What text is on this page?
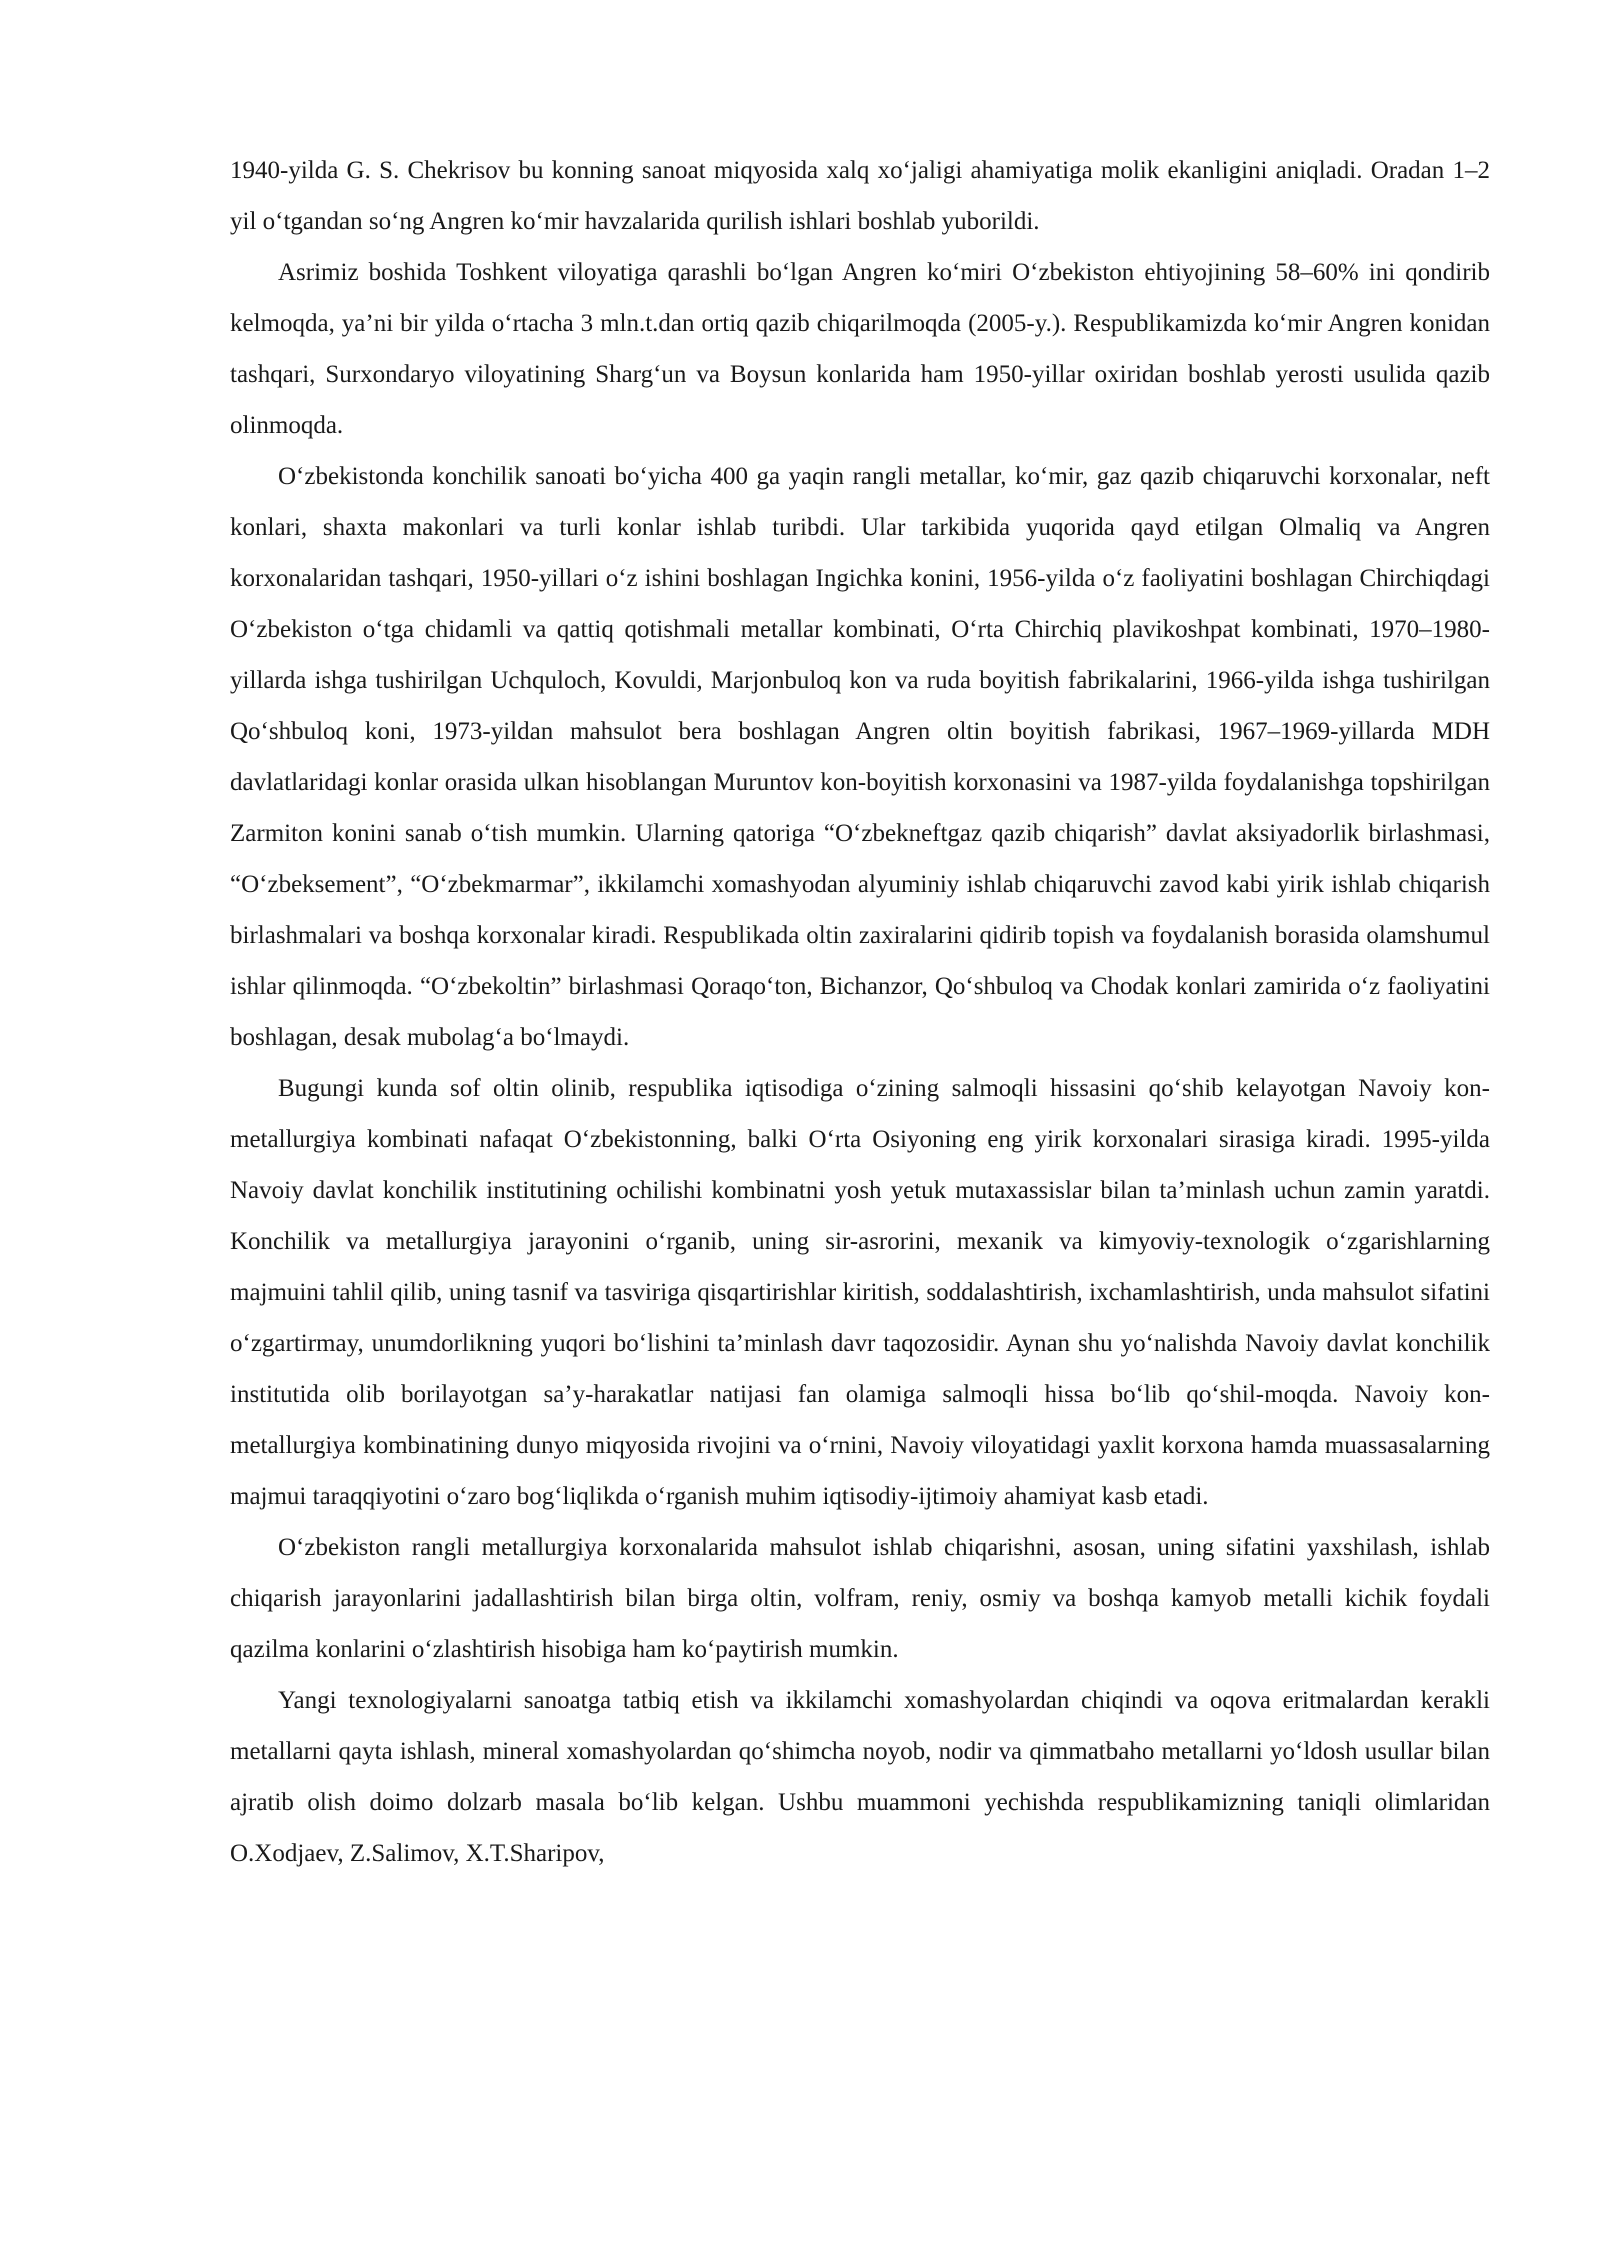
1940-yilda G. S. Chekrisov bu konning sanoat miqyosida xalq xo‘jaligi ahamiyatiga molik ekanligini aniqladi. Oradan 1–2 yil o‘tgandan so‘ng Angren ko‘mir havzalarida qurilish ishlari boshlab yuborildi.

Asrimiz boshida Toshkent viloyatiga qarashli bo‘lgan Angren ko‘miri O‘zbekiston ehtiyojining 58–60% ini qondirib kelmoqda, ya’ni bir yilda o‘rtacha 3 mln.t.dan ortiq qazib chiqarilmoqda (2005-y.). Respublikamizda ko‘mir Angren konidan tashqari, Surxondaryo viloyatining Sharg‘un va Boysun konlarida ham 1950-yillar oxiridan boshlab yerosti usulida qazib olinmoqda.

O‘zbekistonda konchilik sanoati bo‘yicha 400 ga yaqin rangli metallar, ko‘mir, gaz qazib chiqaruvchi korxonalar, neft konlari, shaxta makonlari va turli konlar ishlab turibdi. Ular tarkibida yuqorida qayd etilgan Olmaliq va Angren korxonalaridan tashqari, 1950-yillari o‘z ishini boshlagan Ingichka konini, 1956-yilda o‘z faoliyatini boshlagan Chirchiqdagi O‘zbekiston o‘tga chidamli va qattiq qotishmali metallar kombinati, O‘rta Chirchiq plavikoshpat kombinati, 1970–1980-yillarda ishga tushirilgan Uchquloch, Kovuldi, Marjonbuloq kon va ruda boyitish fabrikalarini, 1966-yilda ishga tushirilgan Qo‘shbuloq koni, 1973-yildan mahsulot bera boshlagan Angren oltin boyitish fabrikasi, 1967–1969-yillarda MDH davlatlaridagi konlar orasida ulkan hisoblangan Muruntov kon-boyitish korxonasini va 1987-yilda foydalanishga topshirilgan Zarmiton konini sanab o‘tish mumkin. Ularning qatoriga “O‘zbekneftgaz qazib chiqarish” davlat aksiyadorlik birlashmasi, “O‘zbeksement”, “O‘zbekmarmar”, ikkilamchi xomashyodan alyuminiy ishlab chiqaruvchi zavod kabi yirik ishlab chiqarish birlashmalari va boshqa korxonalar kiradi. Respublikada oltin zaxiralarini qidirib topish va foydalanish borasida olamshumul ishlar qilinmoqda. “O‘zbekoltin” birlashmasi Qoraqo‘ton, Bichanzor, Qo‘shbuloq va Chodak konlari zamirida o‘z faoliyatini boshlagan, desak mubolag‘a bo‘lmaydi.

Bugungi kunda sof oltin olinib, respublika iqtisodiga o‘zining salmoqli hissasini qo‘shib kelayotgan Navoiy kon-metallurgiya kombinati nafaqat O‘zbekistonning, balki O‘rta Osiyoning eng yirik korxonalari sirasiga kiradi. 1995-yilda Navoiy davlat konchilik institutining ochilishi kombinatni yosh yetuk mutaxassislar bilan ta’minlash uchun zamin yaratdi. Konchilik va metallurgiya jarayonini o‘rganib, uning sir-asrorini, mexanik va kimyoviy-texnologik o‘zgarishlarning majmuini tahlil qilib, uning tasnif va tasviriga qisqartirishlar kiritish, soddalashtirish, ixchamlashtirish, unda mahsulot sifatini o‘zgartirmay, unumdorlikning yuqori bo‘lishini ta’minlash davr taqozosidir. Aynan shu yo‘nalishda Navoiy davlat konchilik institutida olib borilayotgan sa’y-harakatlar natijasi fan olamiga salmoqli hissa bo‘lib qo‘shil-moqda. Navoiy kon-metallurgiya kombinatining dunyo miqyosida rivojini va o‘rnini, Navoiy viloyatidagi yaxlit korxona hamda muassasalarning majmui taraqqiyotini o‘zaro bog‘liqlikda o‘rganish muhim iqtisodiy-ijtimoiy ahamiyat kasb etadi.

O‘zbekiston rangli metallurgiya korxonalarida mahsulot ishlab chiqarishni, asosan, uning sifatini yaxshilash, ishlab chiqarish jarayonlarini jadallashtirish bilan birga oltin, volfram, reniy, osmiy va boshqa kamyob metalli kichik foydali qazilma konlarini o‘zlashtirish hisobiga ham ko‘paytirish mumkin.

Yangi texnologiyalarni sanoatga tatbiq etish va ikkilamchi xomashyolardan chiqindi va oqova eritmalardan kerakli metallarni qayta ishlash, mineral xomashyolardan qo‘shimcha noyob, nodir va qimmatbaho metallarni yo‘ldosh usullar bilan ajratib olish doimo dolzarb masala bo‘lib kelgan. Ushbu muammoni yechishda respublikamizning taniqli olimlaridan O.Xodjaev, Z.Salimov, X.T.Sharipov,
